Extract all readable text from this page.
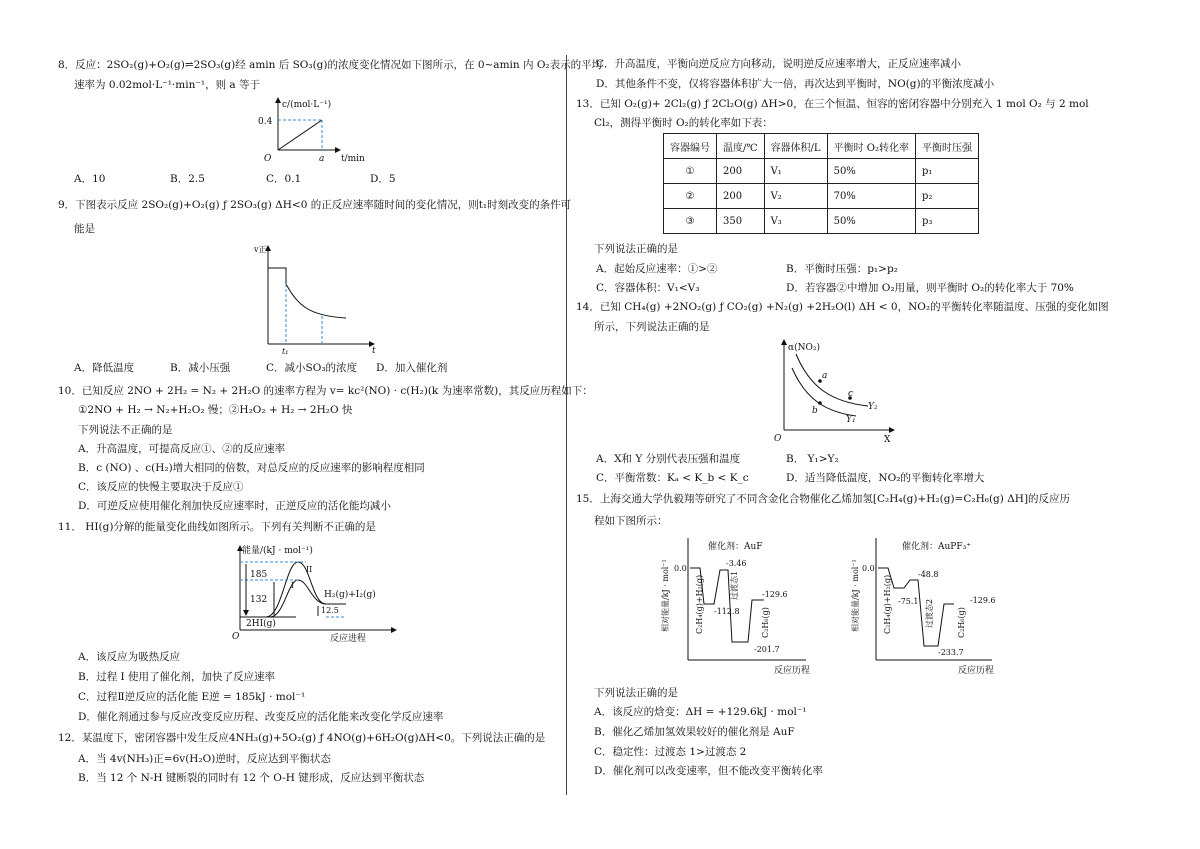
8．反应：2SO₂(g)+O₂(g)⇌2SO₃(g)经 amin 后 SO₃(g)的浓度变化情况如下图所示，在 0~amin 内 O₂表示的平均
速率为 0.02mol·L⁻¹·min⁻¹，则 a 等于
c/(mol·L⁻¹)
0.4
O	a t/min
A．10	B．2.5	C．0.1	D．5
9．下图表示反应 2SO₂(g)+O₂(g) ƒ 2SO₃(g) ΔH<0 的正反应速率随时间的变化情况，则t₁时刻改变的条件可
能是
v正
t₁	t
A．降低温度	B．减小压强	C．减小SO₃的浓度 D．加入催化剂
10．已知反应 2NO + 2H₂ = N₂ + 2H₂O 的速率方程为 v= kc²(NO) · c(H₂)(k 为速率常数)，其反应历程如下：
①2NO + H₂ → N₂+H₂O₂ 慢；②H₂O₂ + H₂ → 2H₂O 快
下列说法不正确的是
A．升高温度，可提高反应①、②的反应速率
B．c (NO) 、c(H₂)增大相同的倍数，对总反应的反应速率的影响程度相同
C．该反应的快慢主要取决于反应①
D．可逆反应使用催化剂加快反应速率时，正逆反应的活化能均减小
11． HI(g)分解的能量变化曲线如图所示。下列有关判断不正确的是
能量/(kJ · mol⁻¹)
185
132
12.5
I
II
H₂(g)+I₂(g)
2HI(g)
O	反应进程
A．该反应为吸热反应
B．过程 I 使用了催化剂，加快了反应速率
C．过程Ⅱ逆反应的活化能 E逆 = 185kJ · mol⁻¹
D．催化剂通过参与反应改变反应历程、改变反应的活化能来改变化学反应速率
12．某温度下，密闭容器中发生反应4NH₃(g)+5O₂(g) ƒ 4NO(g)+6H₂O(g)ΔH<0。下列说法正确的是
A．当 4v(NH₃)正=6v(H₂O)逆时，反应达到平衡状态
B．当 12 个 N-H 键断裂的同时有 12 个 O-H 键形成，反应达到平衡状态
C．升高温度，平衡向逆反应方向移动，说明逆反应速率增大，正反应速率减小
D．其他条件不变，仅将容器体积扩大一倍，再次达到平衡时，NO(g)的平衡浓度减小
13．已知 O₂(g)+ 2Cl₂(g) ƒ 2Cl₂O(g) ΔH>0，在三个恒温、恒容的密闭容器中分别充入 1 mol O₂ 与 2 mol
Cl₂，测得平衡时 O₂的转化率如下表：
容器编号	温度/℃	容器体积/L	平衡时 O₂转化率	平衡时压强
①	200	V₁	50%	p₁
②	200	V₂	70%	p₂
③	350	V₃	50%	p₃
下列说法正确的是
A．起始反应速率：①>②	B．平衡时压强：p₁>p₂
C．容器体积：V₁<V₃	D．若容器②中增加 O₂用量，则平衡时 O₂的转化率大于 70%
14．已知 CH₄(g) +2NO₂(g) ƒ CO₂(g) +N₂(g) +2H₂O(l) ΔH < 0，NO₂的平衡转化率随温度、压强的变化如图
所示，下列说法正确的是
α(NO₂)
a
b
c
Y₂
Y₁
O	X
A．X和 Y 分别代表压强和温度	B． Y₁>Y₂
C．平衡常数：Kₐ < K_b < K_c	D．适当降低温度，NO₂的平衡转化率增大
15．上海交通大学仇毅翔等研究了不同含金化合物催化乙烯加氢[C₂H₄(g)+H₂(g)=C₂H₆(g) ΔH]的反应历
程如下图所示：
相对能量/kJ · mol⁻¹ 0.0
催化剂：AuF
C₂H₄(g)+H₂(g) -112.8
-3.46
过渡态1
-201.7
-129.6
C₂H₆(g)
反应历程
相对能量/kJ · mol⁻¹ 0.0
催化剂：AuPF₃⁺
C₂H₄(g)+H₂(g) -75.1
-48.8
过渡态2
-233.7
-129.6
C₂H₆(g)
反应历程
下列说法正确的是
A．该反应的焓变：ΔH = +129.6kJ · mol⁻¹
B．催化乙烯加氢效果较好的催化剂是 AuF
C．稳定性：过渡态 1>过渡态 2
D．催化剂可以改变速率，但不能改变平衡转化率
